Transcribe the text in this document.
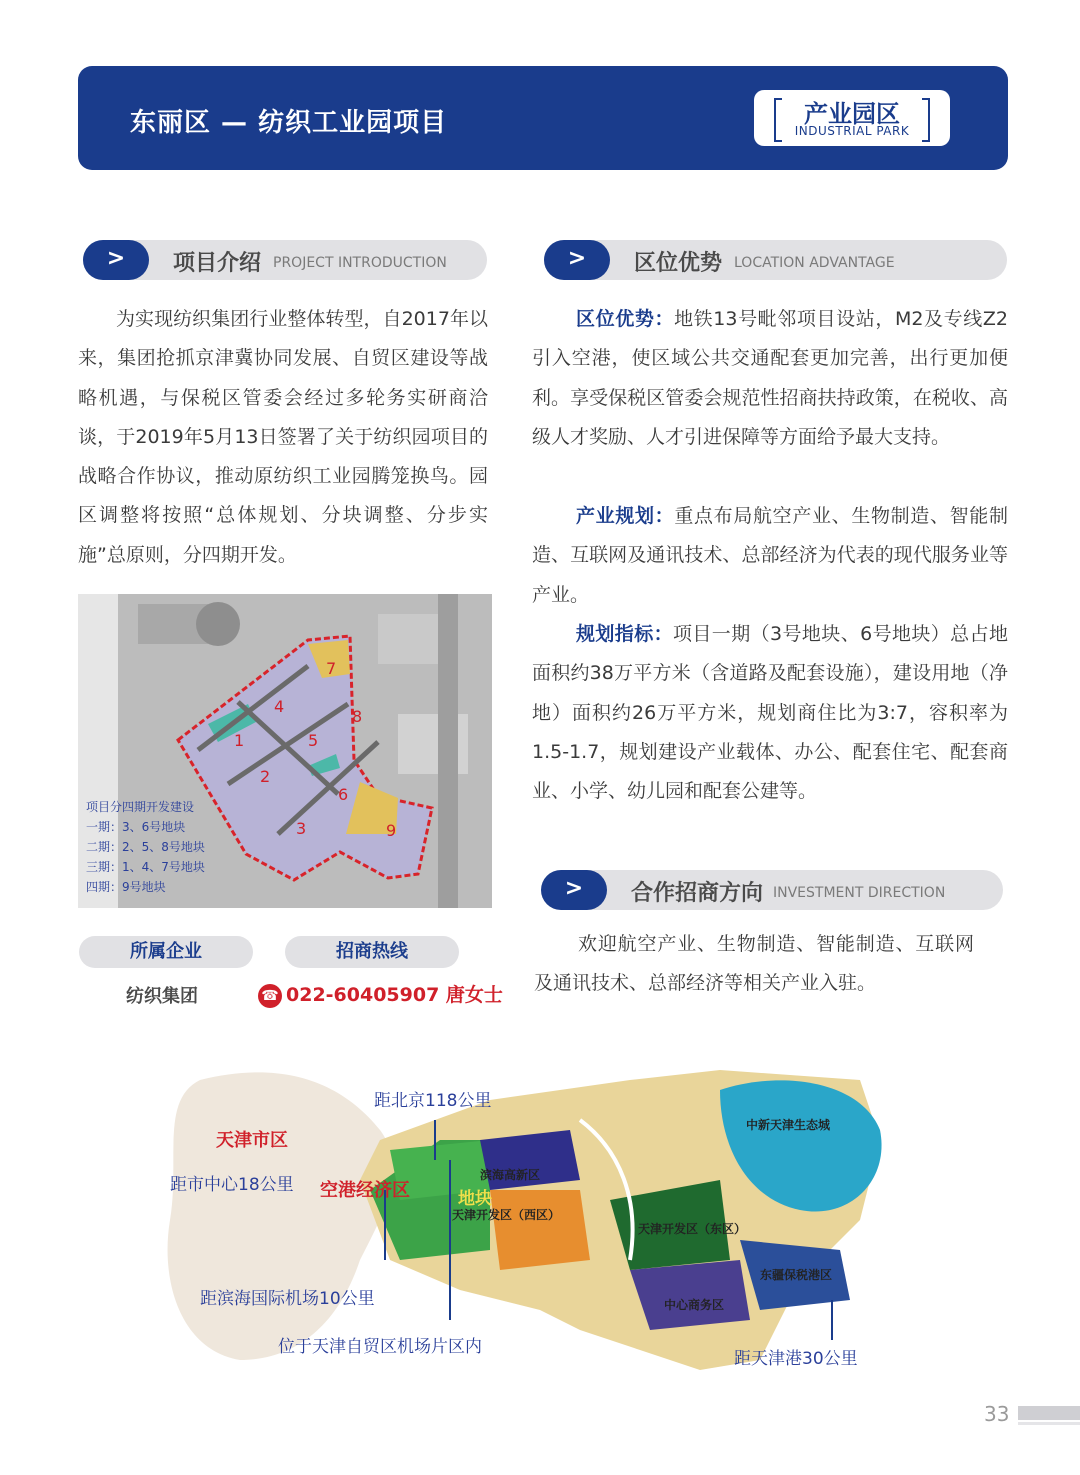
东丽区 — 纺织工业园项目	产业园区
INDUSTRIAL PARK
>	项目介绍 PROJECT INTRODUCTION
为实现纺织集团行业整体转型，自2017年以来，集团抢抓京津冀协同发展、自贸区建设等战略机遇，与保税区管委会经过多轮务实研商洽谈，于2019年5月13日签署了关于纺织园项目的战略合作协议，推动原纺织工业园腾笼换鸟。园区调整将按照“总体规划、分块调整、分步实施”总原则，分四期开发。
>	区位优势 LOCATION ADVANTAGE
区位优势：地铁13号毗邻项目设站，M2及专线Z2引入空港，使区域公共交通配套更加完善，出行更加便利。享受保税区管委会规范性招商扶持政策，在税收、高级人才奖励、人才引进保障等方面给予最大支持。
产业规划：重点布局航空产业、生物制造、智能制造、互联网及通讯技术、总部经济为代表的现代服务业等产业。
规划指标：项目一期（3号地块、6号地块）总占地面积约38万平方米（含道路及配套设施），建设用地（净地）面积约26万平方米，规划商住比为3:7，容积率为1.5-1.7，规划建设产业载体、办公、配套住宅、配套商业、小学、幼儿园和配套公建等。
1
2
3
4
5
6
7
8
9
项目分四期开发建设
一期：3、6号地块
二期：2、5、8号地块
三期：1、4、7号地块
四期：9号地块
所属企业	招商热线
纺织集团	☎ 022-60405907 唐女士
>	合作招商方向 INVESTMENT DIRECTION
欢迎航空产业、生物制造、智能制造、互联网及通讯技术、总部经济等相关产业入驻。
距北京118公里
天津市区
距市中心18公里 空港经济区	地块
距滨海国际机场10公里
位于天津自贸区机场片区内
距天津港30公里
中新天津生态城
滨海高新区
天津开发区（西区）
天津开发区（东区）
东疆保税港区
中心商务区
33
